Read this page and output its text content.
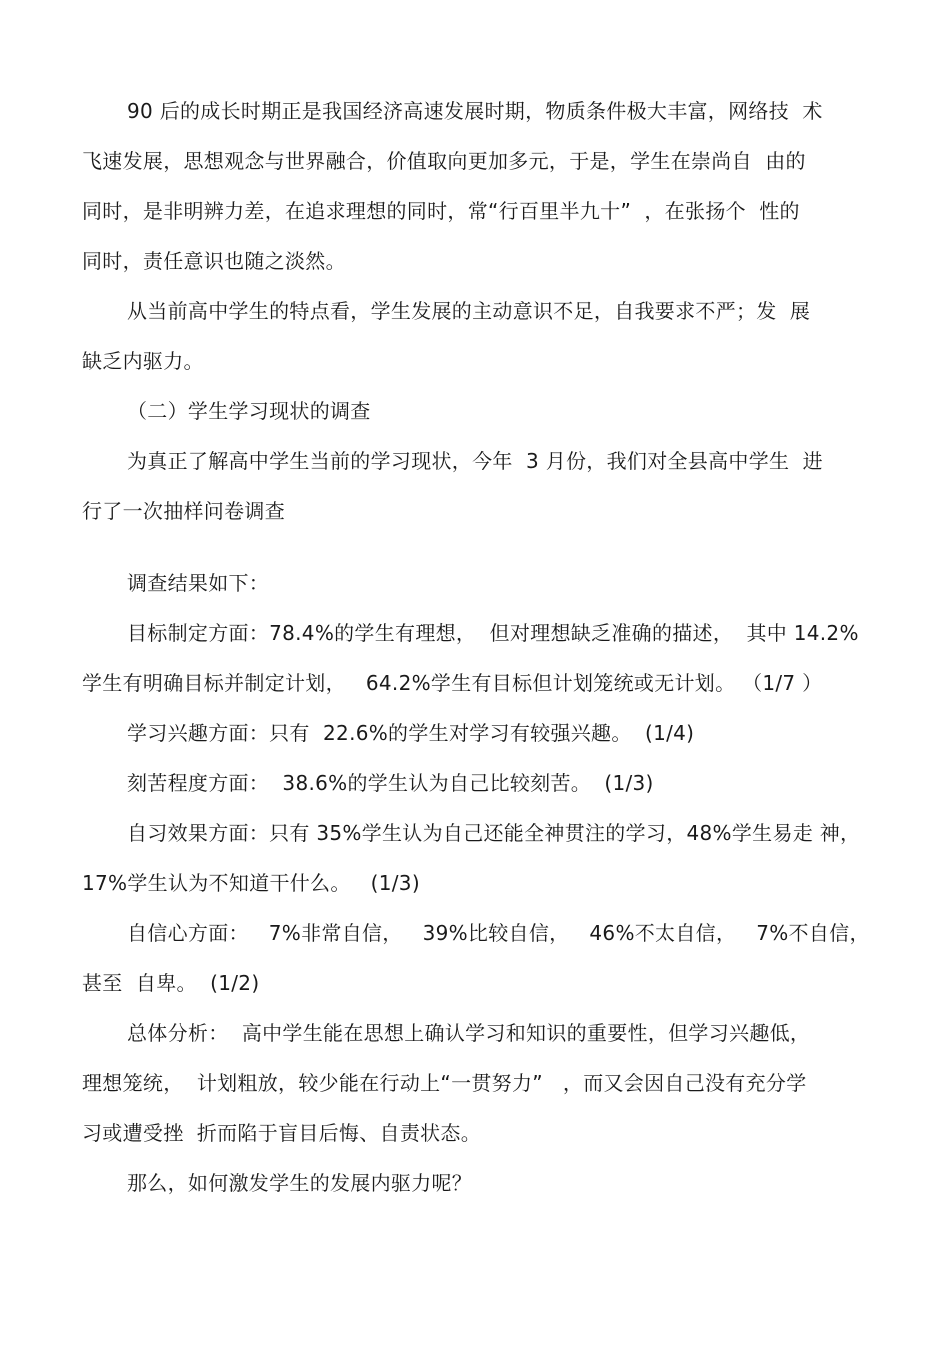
90 后的成长时期正是我国经济高速发展时期，物质条件极大丰富，网络技  术
飞速发展，思想观念与世界融合，价值取向更加多元，于是，学生在崇尚自  由的
同时，是非明辨力差，在追求理想的同时，常“行百里半九十”  ，在张扬个  性的
同时，责任意识也随之淡然。
从当前高中学生的特点看，学生发展的主动意识不足，自我要求不严；发  展
缺乏内驱力。
（二）学生学习现状的调查
为真正了解高中学生当前的学习现状，今年  3 月份，我们对全县高中学生  进
行了一次抽样问卷调查
调查结果如下：
目标制定方面：78.4%的学生有理想，  但对理想缺乏准确的描述，  其中 14.2%
学生有明确目标并制定计划，   64.2%学生有目标但计划笼统或无计划。 （1/7 ）
学习兴趣方面：只有  22.6%的学生对学习有较强兴趣。  (1/4)
刻苦程度方面：  38.6%的学生认为自己比较刻苦。  (1/3)
自习效果方面：只有 35%学生认为自己还能全神贯注的学习，48%学生易走 神，
17%学生认为不知道干什么。   (1/3)
自信心方面：   7%非常自信，   39%比较自信，   46%不太自信，   7%不自信，
甚至  自卑。  (1/2)
总体分析：  高中学生能在思想上确认学习和知识的重要性，但学习兴趣低，
理想笼统，  计划粗放，较少能在行动上“一贯努力”   ，而又会因自己没有充分学
习或遭受挫  折而陷于盲目后悔、自责状态。
那么，如何激发学生的发展内驱力呢？
